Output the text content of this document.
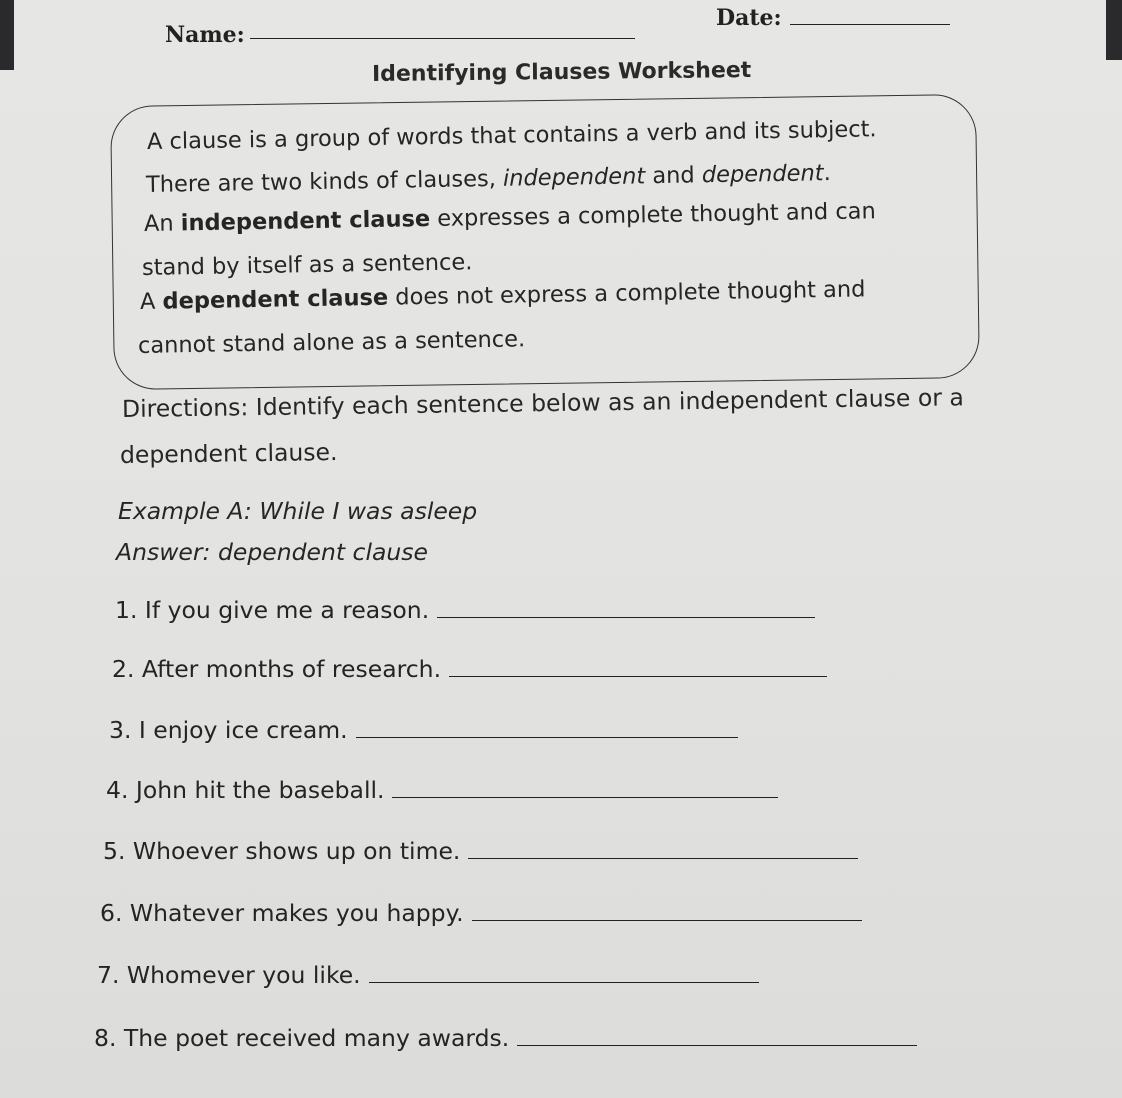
Name:
Date:
Identifying Clauses Worksheet
A clause is a group of words that contains a verb and its subject.
There are two kinds of clauses, independent and dependent.
An independent clause expresses a complete thought and can
stand by itself as a sentence.
A dependent clause does not express a complete thought and
cannot stand alone as a sentence.
Directions: Identify each sentence below as an independent clause or a
dependent clause.
Example A: While I was asleep
Answer: dependent clause
1. If you give me a reason.
2. After months of research.
3. I enjoy ice cream.
4. John hit the baseball.
5. Whoever shows up on time.
6. Whatever makes you happy.
7. Whomever you like.
8. The poet received many awards.
